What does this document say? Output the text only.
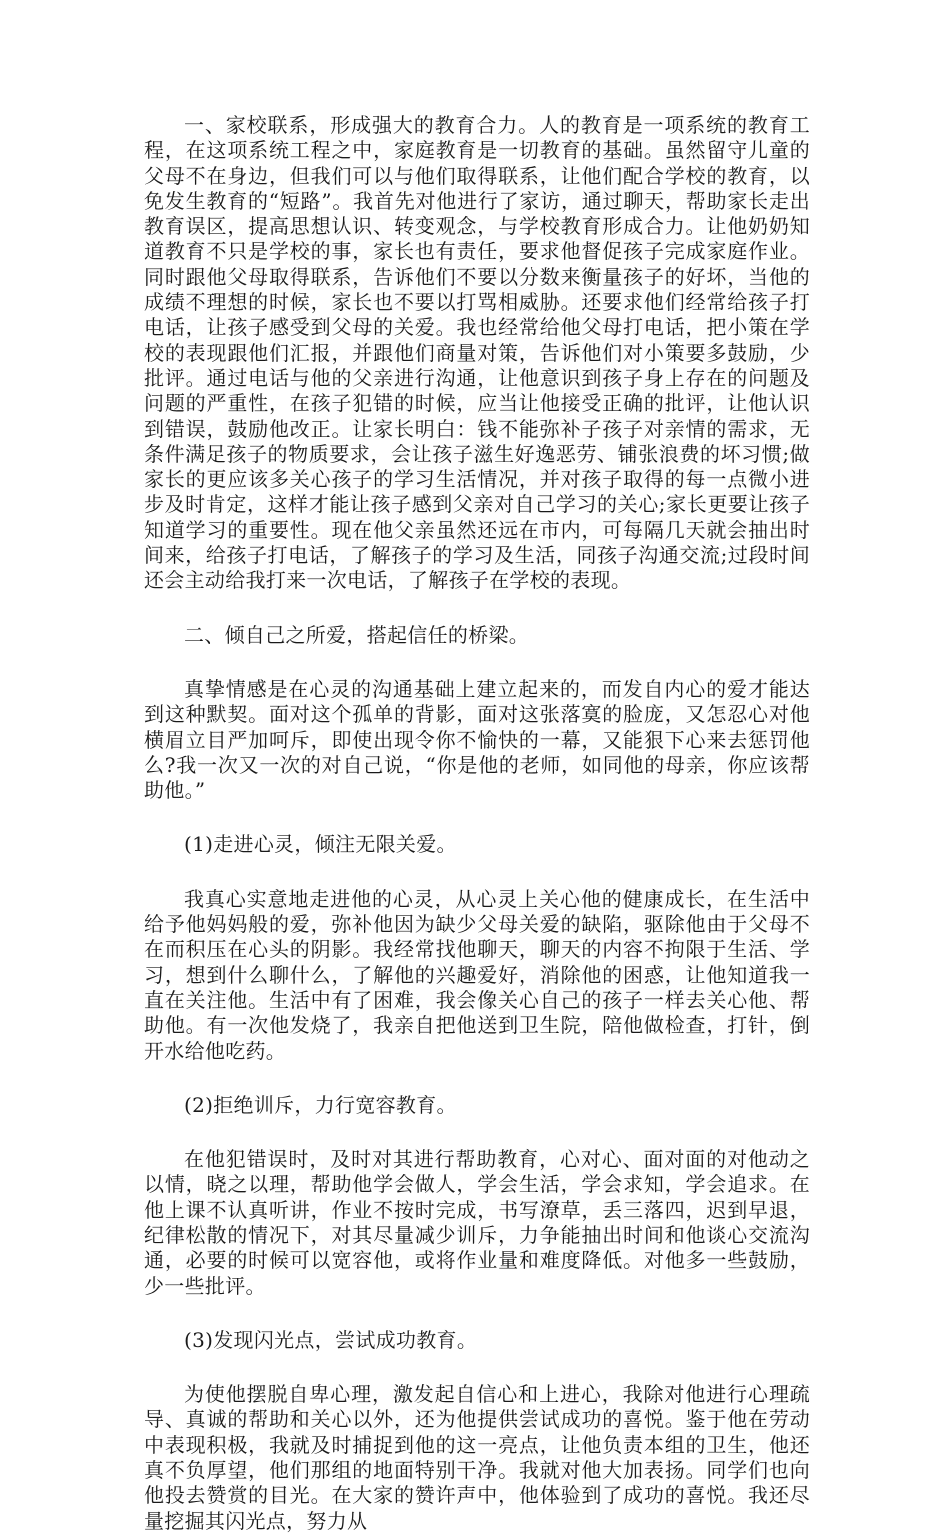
一、家校联系，形成强大的教育合力。人的教育是一项系统的教育工程，在这项系统工程之中，家庭教育是一切教育的基础。虽然留守儿童的父母不在身边，但我们可以与他们取得联系，让他们配合学校的教育，以免发生教育的“短路”。我首先对他进行了家访，通过聊天，帮助家长走出教育误区，提高思想认识、转变观念，与学校教育形成合力。让他奶奶知道教育不只是学校的事，家长也有责任，要求他督促孩子完成家庭作业。同时跟他父母取得联系，告诉他们不要以分数来衡量孩子的好坏，当他的成绩不理想的时候，家长也不要以打骂相威胁。还要求他们经常给孩子打电话，让孩子感受到父母的关爱。我也经常给他父母打电话，把小策在学校的表现跟他们汇报，并跟他们商量对策，告诉他们对小策要多鼓励，少批评。通过电话与他的父亲进行沟通，让他意识到孩子身上存在的问题及问题的严重性，在孩子犯错的时候，应当让他接受正确的批评，让他认识到错误，鼓励他改正。让家长明白：钱不能弥补子孩子对亲情的需求，无条件满足孩子的物质要求，会让孩子滋生好逸恶劳、铺张浪费的坏习惯;做家长的更应该多关心孩子的学习生活情况，并对孩子取得的每一点微小进步及时肯定，这样才能让孩子感到父亲对自己学习的关心;家长更要让孩子知道学习的重要性。现在他父亲虽然还远在市内，可每隔几天就会抽出时间来，给孩子打电话，了解孩子的学习及生活，同孩子沟通交流;过段时间还会主动给我打来一次电话，了解孩子在学校的表现。

二、倾自己之所爱，搭起信任的桥梁。

真挚情感是在心灵的沟通基础上建立起来的，而发自内心的爱才能达到这种默契。面对这个孤单的背影，面对这张落寞的脸庞，又怎忍心对他横眉立目严加呵斥，即使出现令你不愉快的一幕，又能狠下心来去惩罚他么?我一次又一次的对自己说，“你是他的老师，如同他的母亲，你应该帮助他。”

(1)走进心灵，倾注无限关爱。

我真心实意地走进他的心灵，从心灵上关心他的健康成长，在生活中给予他妈妈般的爱，弥补他因为缺少父母关爱的缺陷，驱除他由于父母不在而积压在心头的阴影。我经常找他聊天，聊天的内容不拘限于生活、学习，想到什么聊什么，了解他的兴趣爱好，消除他的困惑，让他知道我一直在关注他。生活中有了困难，我会像关心自己的孩子一样去关心他、帮助他。有一次他发烧了，我亲自把他送到卫生院，陪他做检查，打针，倒开水给他吃药。

(2)拒绝训斥，力行宽容教育。

在他犯错误时，及时对其进行帮助教育，心对心、面对面的对他动之以情，晓之以理，帮助他学会做人，学会生活，学会求知，学会追求。在他上课不认真听讲，作业不按时完成，书写潦草，丢三落四，迟到早退，纪律松散的情况下，对其尽量减少训斥，力争能抽出时间和他谈心交流沟通，必要的时候可以宽容他，或将作业量和难度降低。对他多一些鼓励，少一些批评。

(3)发现闪光点，尝试成功教育。

为使他摆脱自卑心理，激发起自信心和上进心，我除对他进行心理疏导、真诚的帮助和关心以外，还为他提供尝试成功的喜悦。鉴于他在劳动中表现积极，我就及时捕捉到他的这一亮点，让他负责本组的卫生，他还真不负厚望，他们那组的地面特别干净。我就对他大加表扬。同学们也向他投去赞赏的目光。在大家的赞许声中，他体验到了成功的喜悦。我还尽量挖掘其闪光点，努力从
